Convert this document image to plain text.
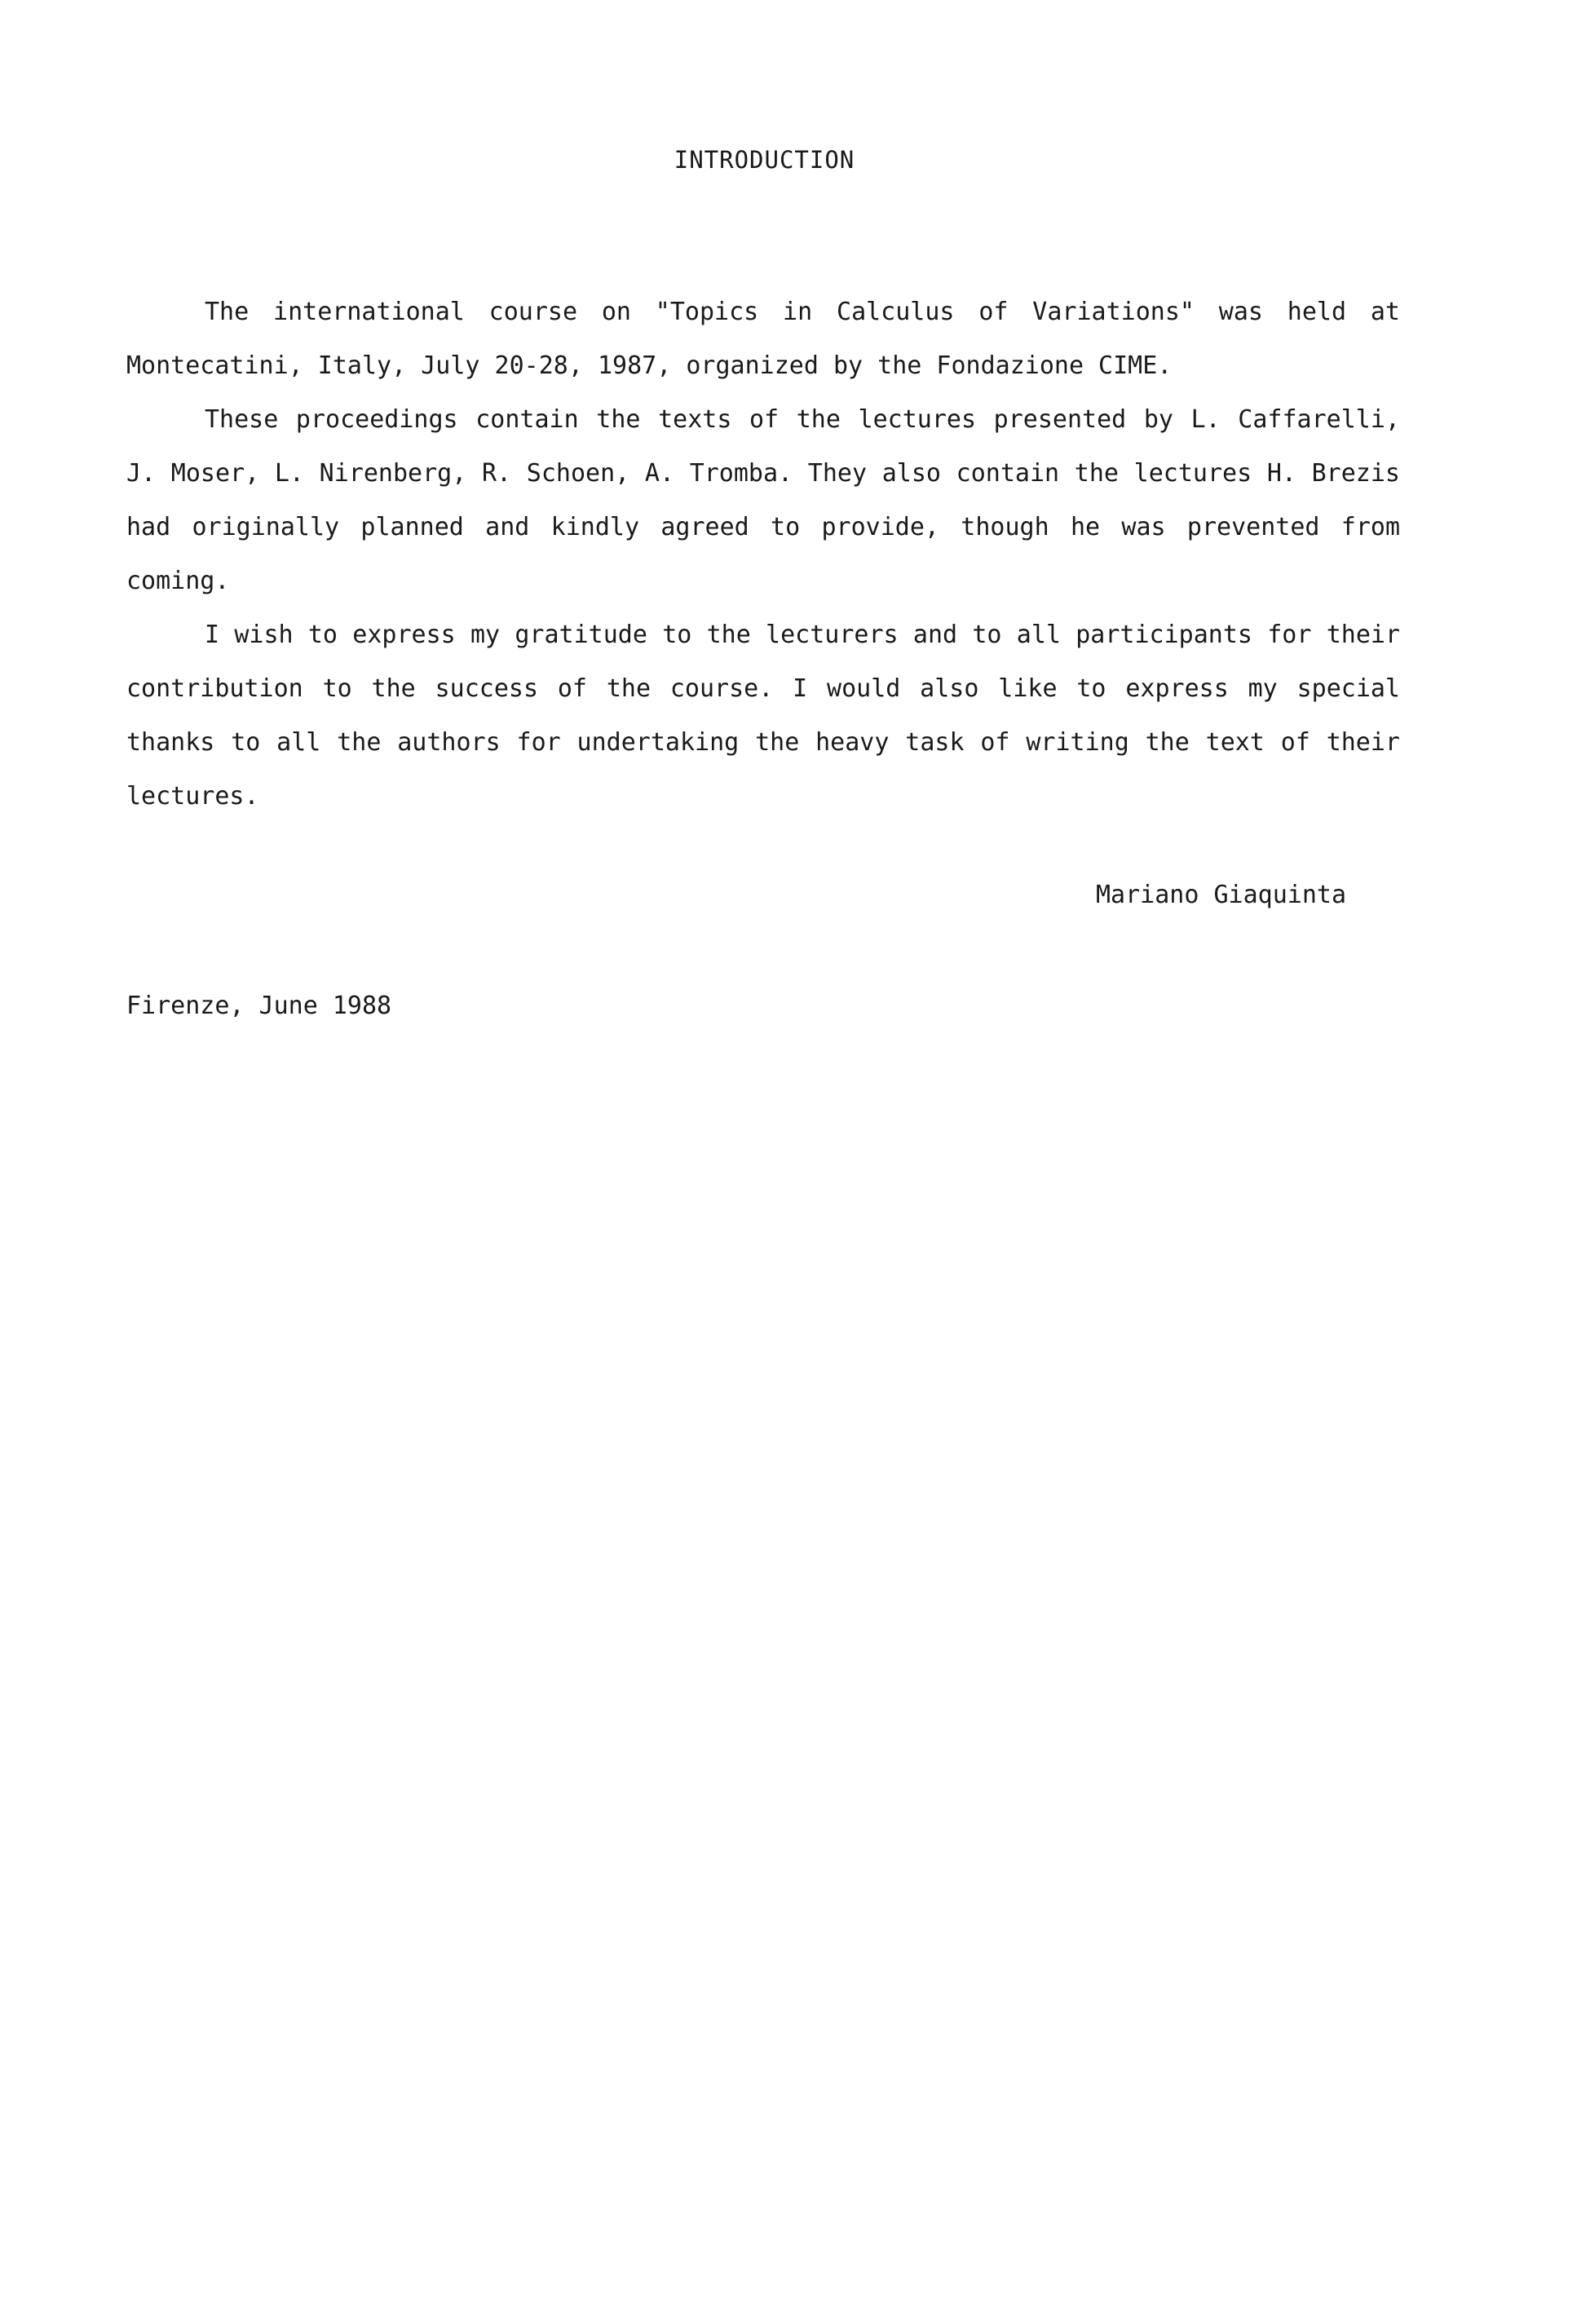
INTRODUCTION

The international course on "Topics in Calculus of Variations" was held at Montecatini, Italy, July 20-28, 1987, organized by the Fondazione CIME.

These proceedings contain the texts of the lectures presented by L. Caffarelli, J. Moser, L. Nirenberg, R. Schoen, A. Tromba. They also contain the lectures H. Brezis had originally planned and kindly agreed to provide, though he was prevented from coming.

I wish to express my gratitude to the lecturers and to all participants for their contribution to the success of the course. I would also like to express my special thanks to all the authors for undertaking the heavy task of writing the text of their lectures.

Mariano Giaquinta
Firenze, June 1988
